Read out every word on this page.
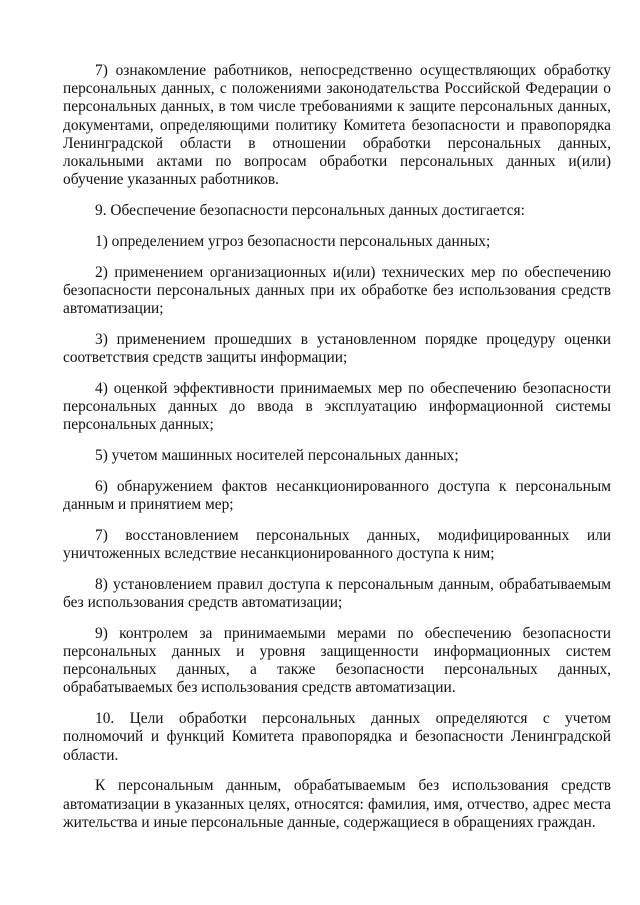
7) ознакомление работников, непосредственно осуществляющих обработку персональных данных, с положениями законодательства Российской Федерации о персональных данных, в том числе требованиями к защите персональных данных, документами, определяющими политику Комитета безопасности и правопорядка Ленинградской области в отношении обработки персональных данных, локальными актами по вопросам обработки персональных данных и(или) обучение указанных работников.

9. Обеспечение безопасности персональных данных достигается:

1) определением угроз безопасности персональных данных;

2) применением организационных и(или) технических мер по обеспечению безопасности персональных данных при их обработке без использования средств автоматизации;

3) применением прошедших в установленном порядке процедуру оценки соответствия средств защиты информации;

4) оценкой эффективности принимаемых мер по обеспечению безопасности персональных данных до ввода в эксплуатацию информационной системы персональных данных;

5) учетом машинных носителей персональных данных;

6) обнаружением фактов несанкционированного доступа к персональным данным и принятием мер;

7) восстановлением персональных данных, модифицированных или уничтоженных вследствие несанкционированного доступа к ним;

8) установлением правил доступа к персональным данным, обрабатываемым без использования средств автоматизации;

9) контролем за принимаемыми мерами по обеспечению безопасности персональных данных и уровня защищенности информационных систем персональных данных, а также безопасности персональных данных, обрабатываемых без использования средств автоматизации.

10. Цели обработки персональных данных определяются с учетом полномочий и функций Комитета правопорядка и безопасности Ленинградской области.

К персональным данным, обрабатываемым без использования средств автоматизации в указанных целях, относятся: фамилия, имя, отчество, адрес места жительства и иные персональные данные, содержащиеся в обращениях граждан.
